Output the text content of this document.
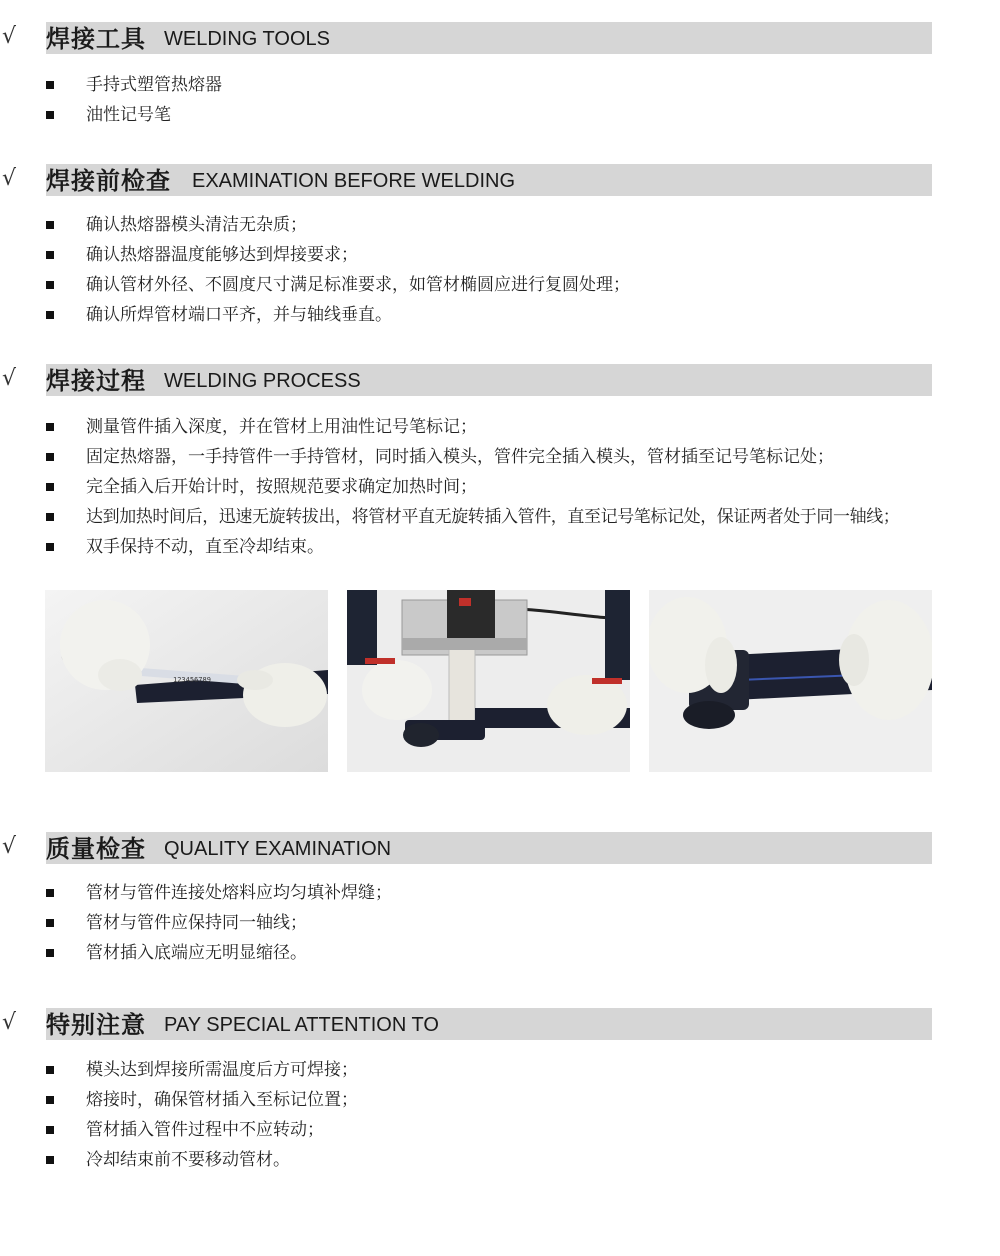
√ 焊接工具 WELDING TOOLS
手持式塑管热熔器
油性记号笔
√ 焊接前检查 EXAMINATION BEFORE WELDING
确认热熔器模头清洁无杂质；
确认热熔器温度能够达到焊接要求；
确认管材外径、不圆度尺寸满足标准要求，如管材椭圆应进行复圆处理；
确认所焊管材端口平齐，并与轴线垂直。
√ 焊接过程 WELDING PROCESS
测量管件插入深度，并在管材上用油性记号笔标记；
固定热熔器，一手持管件一手持管材，同时插入模头，管件完全插入模头，管材插至记号笔标记处；
完全插入后开始计时，按照规范要求确定加热时间；
达到加热时间后，迅速无旋转拔出，将管材平直无旋转插入管件，直至记号笔标记处，保证两者处于同一轴线；
双手保持不动，直至冷却结束。
123456789
√ 质量检查 QUALITY EXAMINATION
管材与管件连接处熔料应均匀填补焊缝；
管材与管件应保持同一轴线；
管材插入底端应无明显缩径。
√ 特别注意 PAY SPECIAL ATTENTION TO
模头达到焊接所需温度后方可焊接；
熔接时，确保管材插入至标记位置；
管材插入管件过程中不应转动；
冷却结束前不要移动管材。
